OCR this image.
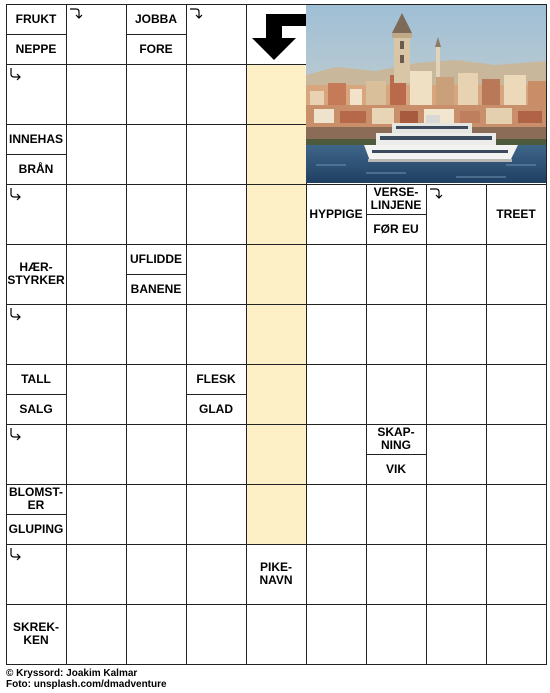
FRUKT
NEPPE
JOBBA
FORE
INNEHAS
BRÅN
HYPPIGE
VERSE-
LINJENE
FØR EU
TREET
HÆR-
STYRKER
UFLIDDE
BANENE
TALL
SALG
FLESK
GLAD
SKAP-
NING
VIK
BLOMST-
ER
GLUPING
PIKE-
NAVN
SKREK-
KEN
© Kryssord: Joakim Kalmar
Foto: unsplash.com/dmadventure
